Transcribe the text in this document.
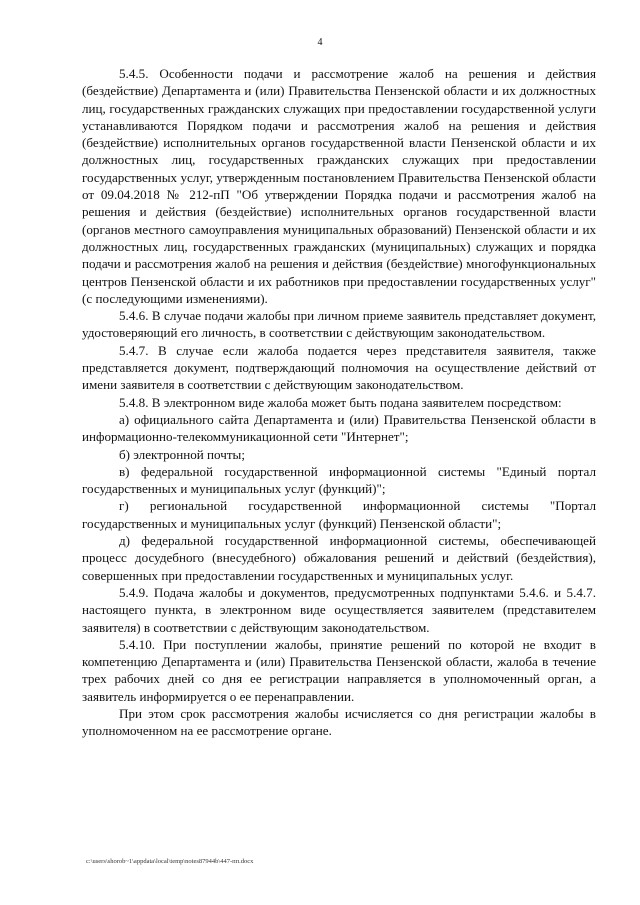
4

5.4.5. Особенности подачи и рассмотрение жалоб на решения и действия (бездействие) Департамента и (или) Правительства Пензенской области и их должностных лиц, государственных гражданских служащих при предоставлении государственной услуги устанавливаются Порядком подачи и рассмотрения жалоб на решения и действия (бездействие) исполнительных органов государственной власти Пензенской области и их должностных лиц, государственных гражданских служащих при предоставлении государственных услуг, утвержденным постановлением Правительства Пензенской области от 09.04.2018 № 212-пП "Об утверждении Порядка подачи и рассмотрения жалоб на решения и действия (бездействие) исполнительных органов государственной власти (органов местного самоуправления муниципальных образований) Пензенской области и их должностных лиц, государственных гражданских (муниципальных) служащих и порядка подачи и рассмотрения жалоб на решения и действия (бездействие) многофункциональных центров Пензенской области и их работников при предоставлении государственных услуг" (с последующими изменениями).

5.4.6. В случае подачи жалобы при личном приеме заявитель представляет документ, удостоверяющий его личность, в соответствии с действующим законодательством.

5.4.7. В случае если жалоба подается через представителя заявителя, также представляется документ, подтверждающий полномочия на осуществление действий от имени заявителя в соответствии с действующим законодательством.

5.4.8. В электронном виде жалоба может быть подана заявителем посредством:

а) официального сайта Департамента и (или) Правительства Пензенской области в информационно-телекоммуникационной сети "Интернет";

б) электронной почты;

в) федеральной государственной информационной системы "Единый портал государственных и муниципальных услуг (функций)";

г) региональной государственной информационной системы "Портал государственных и муниципальных услуг (функций) Пензенской области";

д) федеральной государственной информационной системы, обеспечивающей процесс досудебного (внесудебного) обжалования решений и действий (бездействия), совершенных при предоставлении государственных и муниципальных услуг.

5.4.9. Подача жалобы и документов, предусмотренных подпунктами 5.4.6. и 5.4.7. настоящего пункта, в электронном виде осуществляется заявителем (представителем заявителя) в соответствии с действующим законодательством.

5.4.10. При поступлении жалобы, принятие решений по которой не входит в компетенцию Департамента и (или) Правительства Пензенской области, жалоба в течение трех рабочих дней со дня ее регистрации направляется в уполномоченный орган, а заявитель информируется о ее перенаправлении.

При этом срок рассмотрения жалобы исчисляется со дня регистрации жалобы в уполномоченном на ее рассмотрение органе.

c:\users\shorob~1\appdata\local\temp\notes87944b\447-пп.docx
